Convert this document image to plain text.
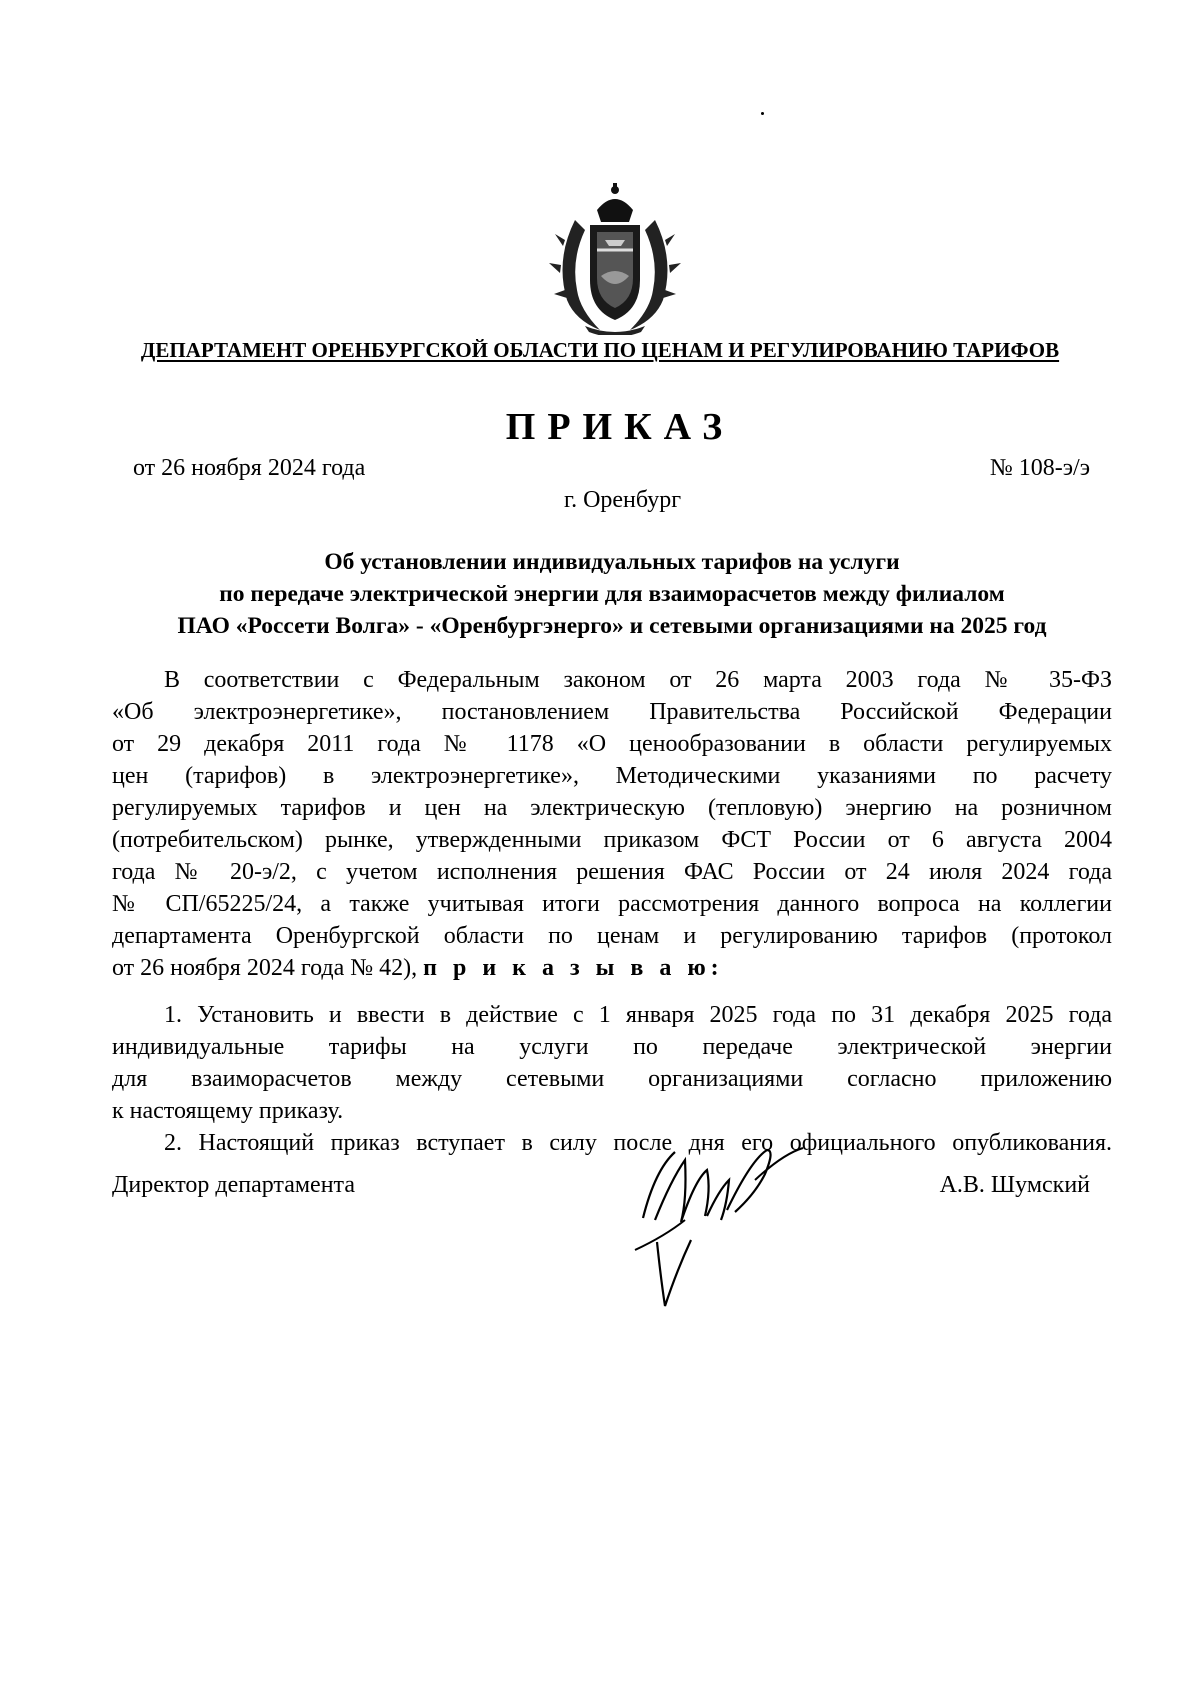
ДЕПАРТАМЕНТ ОРЕНБУРГСКОЙ ОБЛАСТИ ПО ЦЕНАМ И РЕГУЛИРОВАНИЮ ТАРИФОВ
ПРИКАЗ
от 26 ноября 2024 года	№ 108-э/э
г. Оренбург
Об установлении индивидуальных тарифов на услуги
по передаче электрической энергии для взаиморасчетов между филиалом
ПАО «Россети Волга» - «Оренбургэнерго» и сетевыми организациями на 2025 год
В соответствии с Федеральным законом от 26 марта 2003 года № 35-ФЗ
«Об электроэнергетике», постановлением Правительства Российской Федерации
от 29 декабря 2011 года № 1178 «О ценообразовании в области регулируемых
цен (тарифов) в электроэнергетике», Методическими указаниями по расчету
регулируемых тарифов и цен на электрическую (тепловую) энергию на розничном
(потребительском) рынке, утвержденными приказом ФСТ России от 6 августа 2004
года № 20-э/2, с учетом исполнения решения ФАС России от 24 июля 2024 года
№ СП/65225/24, а также учитывая итоги рассмотрения данного вопроса на коллегии
департамента Оренбургской области по ценам и регулированию тарифов (протокол
от 26 ноября 2024 года № 42), п р и к а з ы в а ю:
1. Установить и ввести в действие с 1 января 2025 года по 31 декабря 2025 года
индивидуальные тарифы на услуги по передаче электрической энергии
для взаиморасчетов между сетевыми организациями согласно приложению
к настоящему приказу.
2. Настоящий приказ вступает в силу после дня его официального опубликования.
Директор департамента	А.В. Шумский
